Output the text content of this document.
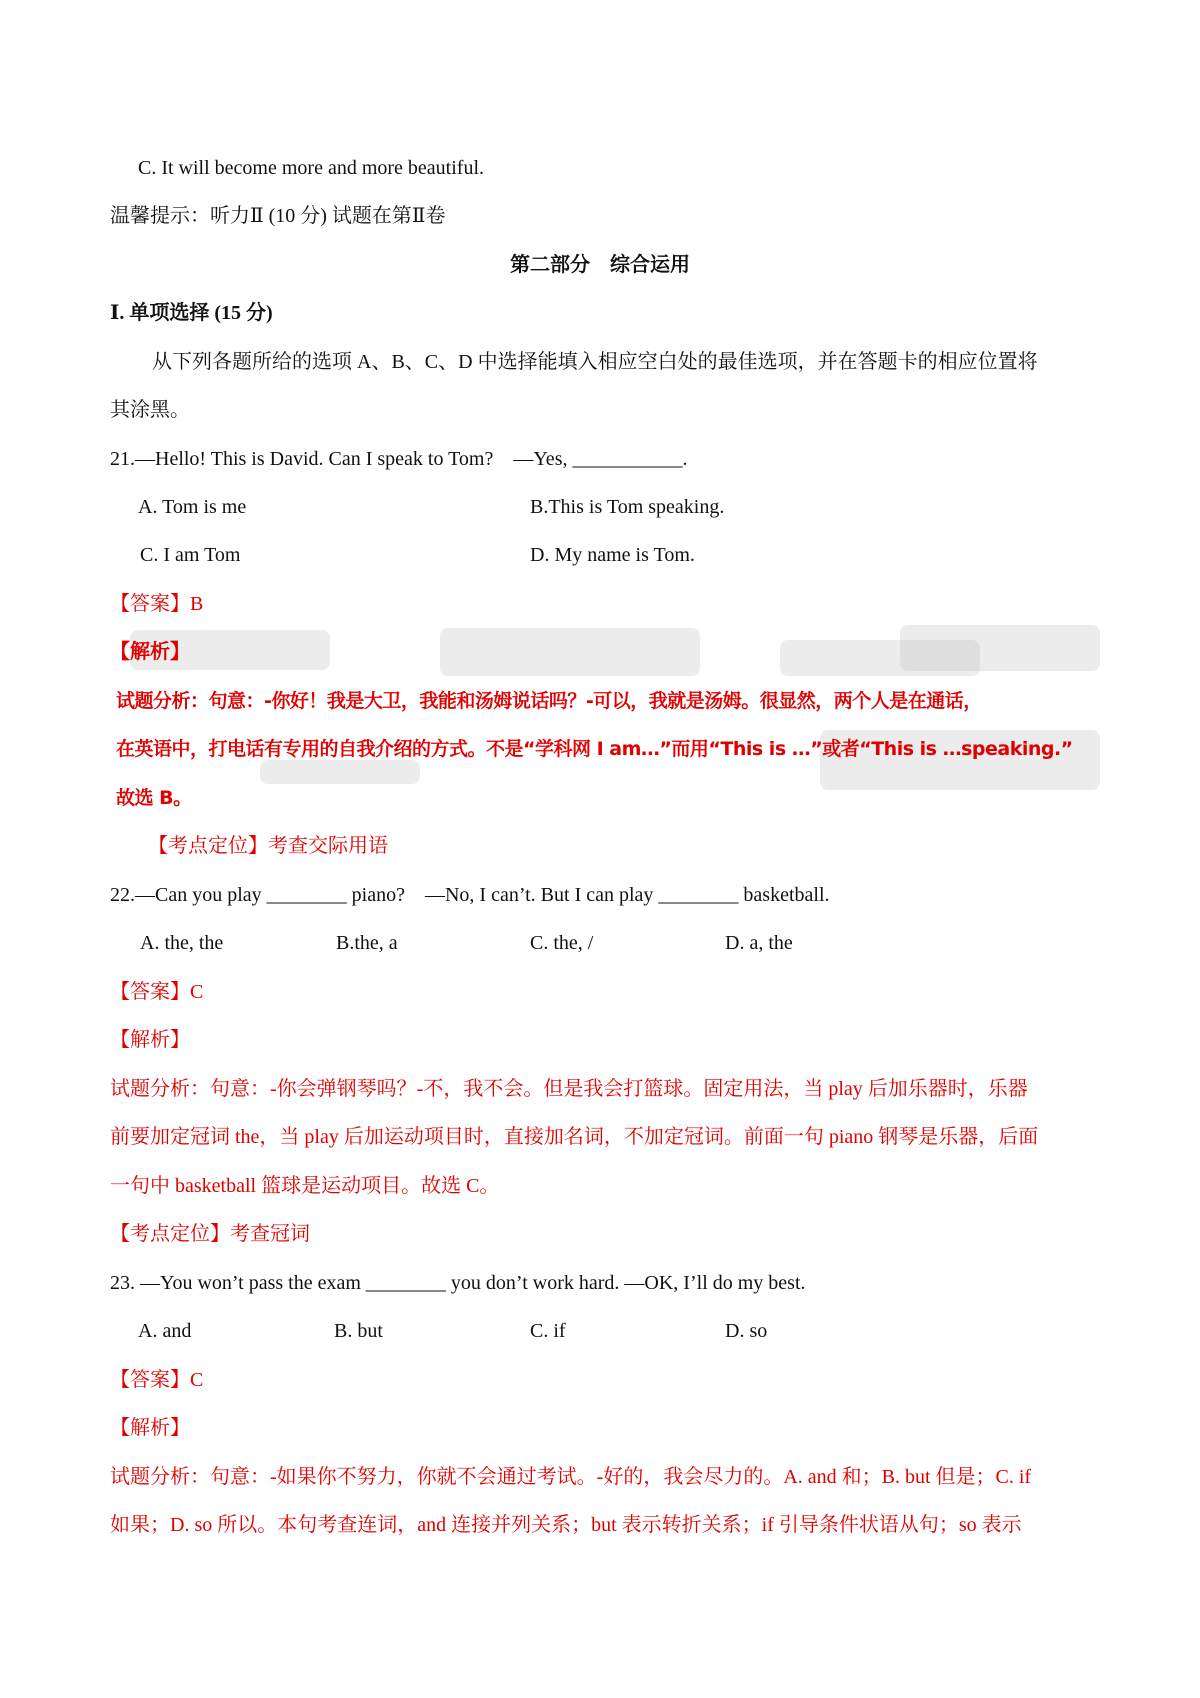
C. It will become more and more beautiful.
温馨提示：听力Ⅱ (10 分) 试题在第Ⅱ卷
第二部分　综合运用
Ⅰ. 单项选择 (15 分)
从下列各题所给的选项 A、B、C、D 中选择能填入相应空白处的最佳选项，并在答题卡的相应位置将
其涂黑。
21.—Hello! This is David. Can I speak to Tom?　—Yes, ___________.
A. Tom is me	B.This is Tom speaking.
C. I am Tom	D. My name is Tom.
【答案】B
【解析】
试题分析：句意：-你好！我是大卫，我能和汤姆说话吗？-可以，我就是汤姆。很显然，两个人是在通话，
在英语中，打电话有专用的自我介绍的方式。不是“学科网 I am…”而用“This is …”或者“This is …speaking.”
故选 B。
【考点定位】考查交际用语
22.—Can you play ________ piano?　—No, I can’t. But I can play ________ basketball.
A. the, the	B.the, a	C. the, /	D. a, the
【答案】C
【解析】
试题分析：句意：-你会弹钢琴吗？-不，我不会。但是我会打篮球。固定用法，当 play 后加乐器时，乐器
前要加定冠词 the，当 play 后加运动项目时，直接加名词，不加定冠词。前面一句 piano 钢琴是乐器，后面
一句中 basketball 篮球是运动项目。故选 C。
【考点定位】考查冠词
23. —You won’t pass the exam ________ you don’t work hard. —OK, I’ll do my best.
A. and	B. but	C. if	D. so
【答案】C
【解析】
试题分析：句意：-如果你不努力，你就不会通过考试。-好的，我会尽力的。A. and 和；B. but 但是；C. if
如果；D. so 所以。本句考查连词，and 连接并列关系；but 表示转折关系；if 引导条件状语从句；so 表示
